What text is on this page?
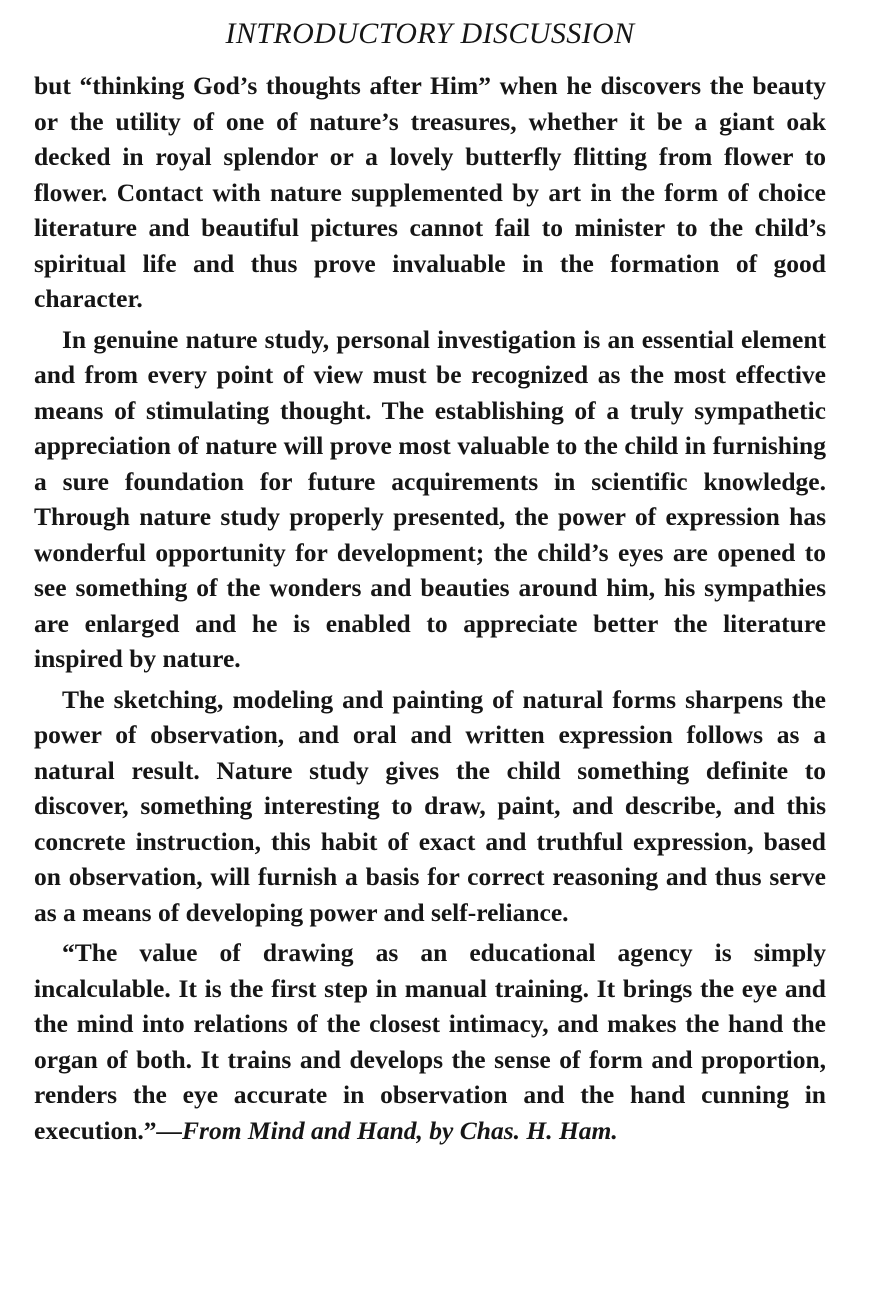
INTRODUCTORY DISCUSSION

but “thinking God’s thoughts after Him” when he discovers the beauty or the utility of one of nature’s treasures, whether it be a giant oak decked in royal splendor or a lovely butterfly flitting from flower to flower. Contact with nature supplemented by art in the form of choice literature and beautiful pictures cannot fail to minister to the child’s spiritual life and thus prove invaluable in the formation of good character.

In genuine nature study, personal investigation is an essential element and from every point of view must be recognized as the most effective means of stimulating thought. The establishing of a truly sympathetic appreciation of nature will prove most valuable to the child in furnishing a sure foundation for future acquirements in scientific knowledge. Through nature study properly presented, the power of expression has wonderful opportunity for development; the child’s eyes are opened to see something of the wonders and beauties around him, his sympathies are enlarged and he is enabled to appreciate better the literature inspired by nature.

The sketching, modeling and painting of natural forms sharpens the power of observation, and oral and written expression follows as a natural result. Nature study gives the child something definite to discover, something interesting to draw, paint, and describe, and this concrete instruction, this habit of exact and truthful expression, based on observation, will furnish a basis for correct reasoning and thus serve as a means of developing power and self-reliance.

“The value of drawing as an educational agency is simply incalculable. It is the first step in manual training. It brings the eye and the mind into relations of the closest intimacy, and makes the hand the organ of both. It trains and develops the sense of form and proportion, renders the eye accurate in observation and the hand cunning in execution.”—From Mind and Hand, by Chas. H. Ham.
